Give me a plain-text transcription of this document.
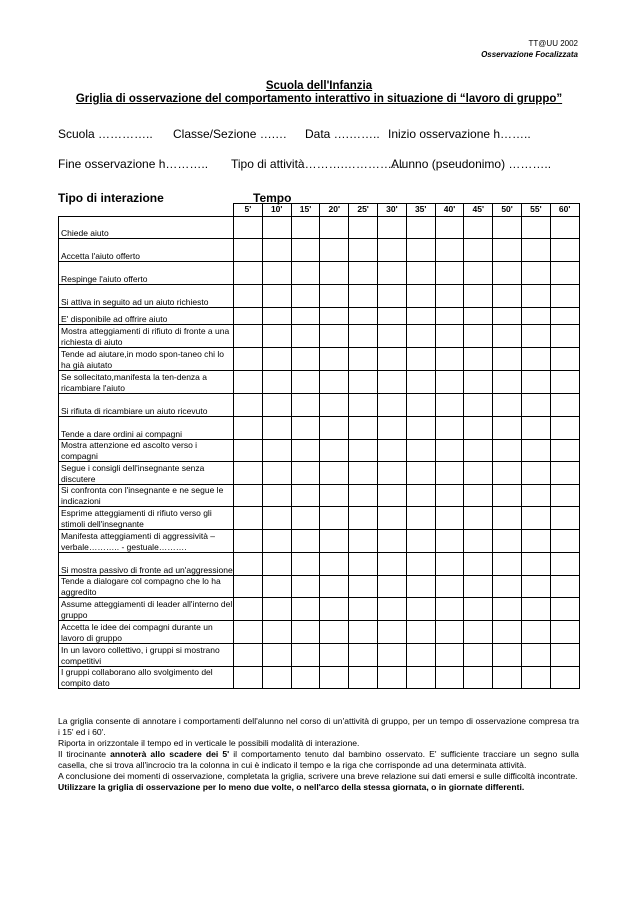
TT@UU 2002
Osservazione Focalizzata
Scuola dell'Infanzia
Griglia di osservazione del comportamento interattivo in situazione di “lavoro di gruppo”
Scuola ………….. Classe/Sezione ….… Data ….…….. Inizio osservazione h……..
Fine osservazione h……….. Tipo di attività……….……………
Alunno (pseudonimo) ………..
Tipo di interazione	Tempo
	5'	10'	15'	20'	25'	30'	35'	40'	45'	50'	55'	60'
Chiede aiuto												
Accetta l'aiuto offerto												
Respinge l'aiuto offerto												
Si attiva in seguito ad un aiuto richiesto												
E' disponibile ad offrire aiuto												
Mostra atteggiamenti di rifiuto di fronte a una richiesta di aiuto												
Tende ad aiutare,in modo spon-taneo chi lo ha già aiutato												
Se sollecitato,manifesta la ten-denza a ricambiare l'aiuto												
Si rifiuta di ricambiare un aiuto ricevuto												
Tende a dare ordini ai compagni												
Mostra attenzione ed ascolto verso i compagni												
Segue i consigli dell'insegnante senza discutere												
Si confronta con l'insegnante e ne segue le indicazioni												
Esprime atteggiamenti di rifiuto verso gli stimoli dell'insegnante												
Manifesta atteggiamenti di aggressività –verbale……….. - gestuale……….												
Si mostra passivo di fronte ad un'aggressione												
Tende a dialogare col compagno che lo ha aggredito												
Assume atteggiamenti di leader all'interno del gruppo												
Accetta le idee dei compagni durante un lavoro di gruppo												
In un lavoro collettivo, i gruppi si mostrano competitivi												
I gruppi collaborano allo svolgimento del compito dato												

La griglia consente di annotare i comportamenti dell'alunno nel corso di un'attività di gruppo, per un tempo di osservazione compresa tra i 15' ed i 60'.

Riporta in orizzontale il tempo ed in verticale le possibili modalità di interazione.

Il tirocinante annoterà allo scadere dei 5' il comportamento tenuto dal bambino osservato. E' sufficiente tracciare un segno sulla casella, che si trova all'incrocio tra la colonna in cui è indicato il tempo e la riga che corrisponde ad una determinata attività.

A conclusione dei momenti di osservazione, completata la griglia, scrivere una breve relazione sui dati emersi e sulle difficoltà incontrate.

Utilizzare la griglia di osservazione per lo meno due volte, o nell'arco della stessa giornata, o in giornate differenti.
